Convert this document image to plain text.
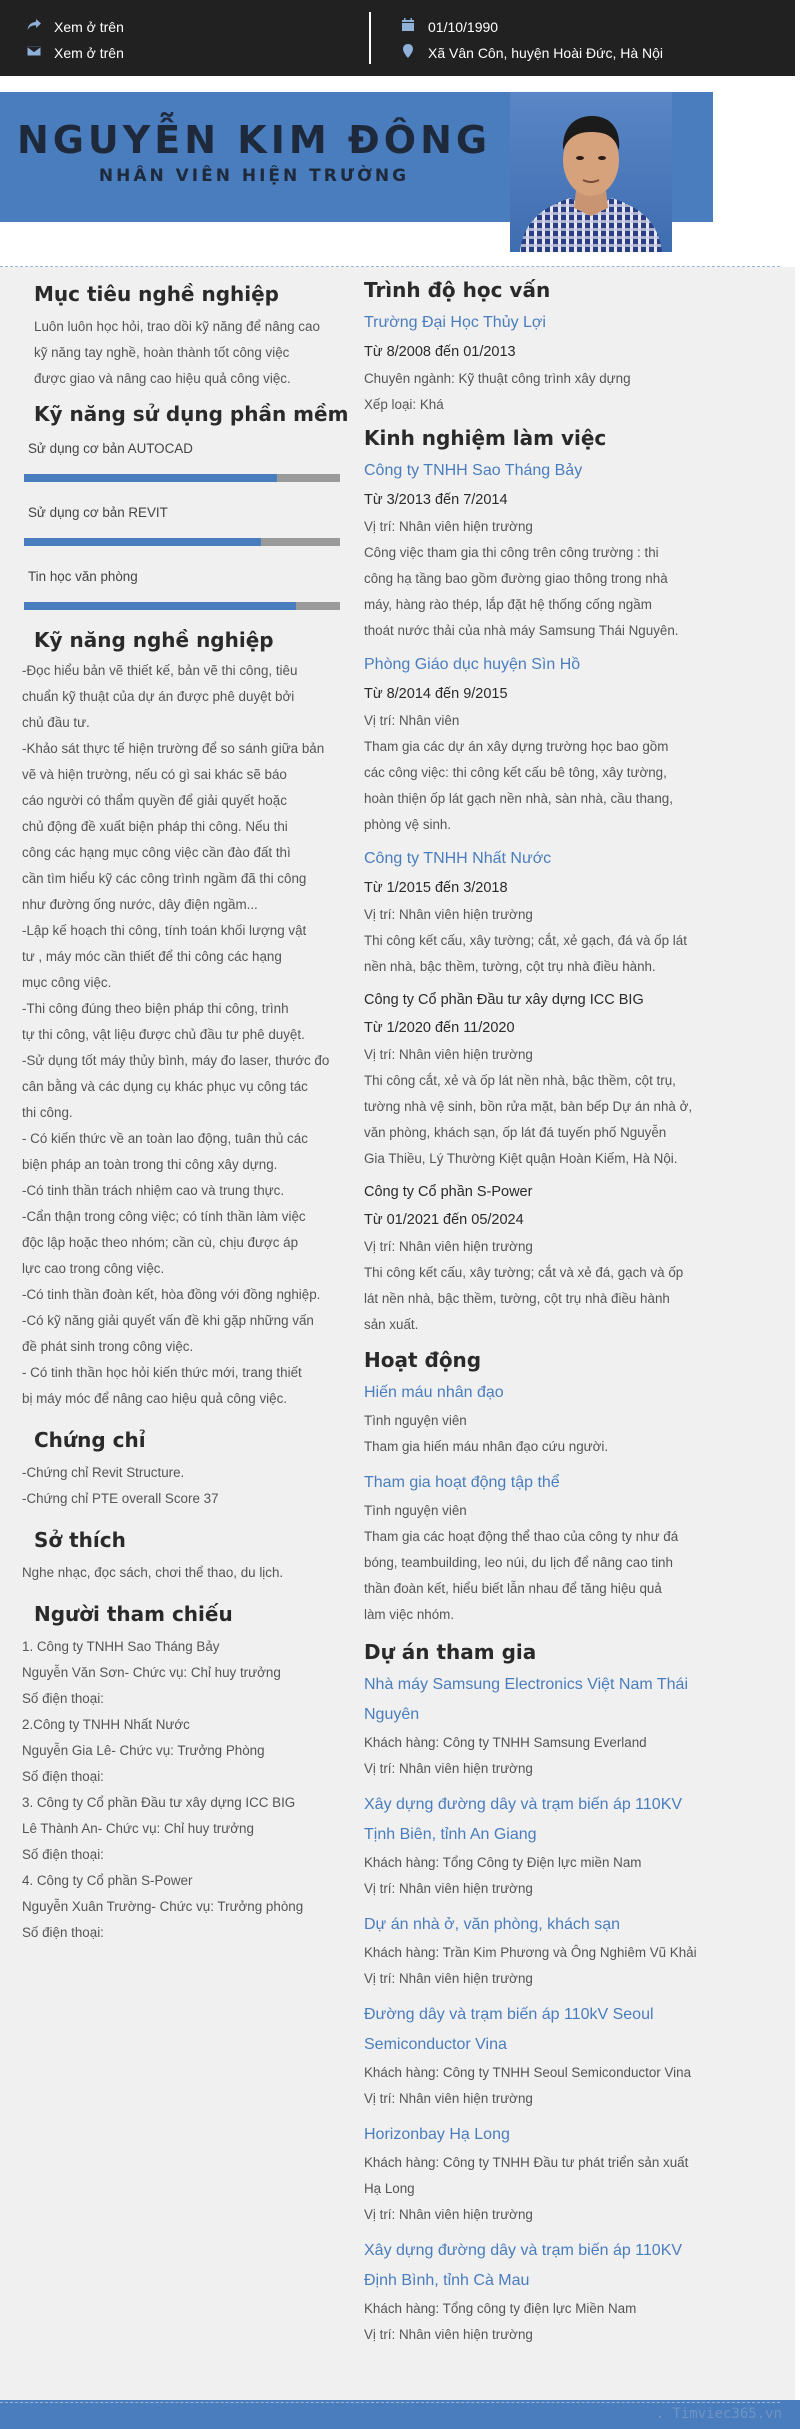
Xem ở trên
Xem ở trên
01/10/1990
Xã Vân Côn, huyện Hoài Đức, Hà Nội
NGUYỄN KIM ĐÔNG
NHÂN VIÊN HIỆN TRƯỜNG
Mục tiêu nghề nghiệp
Luôn luôn học hỏi, trao dồi kỹ năng để nâng cao
kỹ năng tay nghề, hoàn thành tốt công việc
được giao và nâng cao hiệu quả công việc.
Kỹ năng sử dụng phần mềm
Sử dụng cơ bản AUTOCAD
Sử dụng cơ bản REVIT
Tin học văn phòng
Kỹ năng nghề nghiệp
-Đọc hiểu bản vẽ thiết kế, bản vẽ thi công, tiêu
chuẩn kỹ thuật của dự án được phê duyệt bởi
chủ đầu tư.
-Khảo sát thực tế hiện trường để so sánh giữa bản
vẽ và hiện trường, nếu có gì sai khác sẽ báo
cáo người có thẩm quyền để giải quyết hoặc
chủ động đề xuất biện pháp thi công. Nếu thi
công các hạng mục công việc cần đào đất thì
cần tìm hiểu kỹ các công trình ngầm đã thi công
như đường ống nước, dây điện ngầm...
-Lập kế hoạch thi công, tính toán khối lượng vật
tư , máy móc cần thiết để thi công các hạng
mục công việc.
-Thi công đúng theo biện pháp thi công, trình
tự thi công, vật liệu được chủ đầu tư phê duyệt.
-Sử dụng tốt máy thủy bình, máy đo laser, thước đo
cân bằng và các dụng cụ khác phục vụ công tác
thi công.
- Có kiến thức về an toàn lao động, tuân thủ các
biện pháp an toàn trong thi công xây dựng.
-Có tinh thần trách nhiệm cao và trung thực.
-Cẩn thận trong công việc; có tính thần làm việc
độc lập hoặc theo nhóm; cần cù, chịu được áp
lực cao trong công việc.
-Có tinh thần đoàn kết, hòa đồng với đồng nghiệp.
-Có kỹ năng giải quyết vấn đề khi gặp những vấn
đề phát sinh trong công việc.
- Có tinh thần học hỏi kiến thức mới, trang thiết
bị máy móc để nâng cao hiệu quả công việc.
Chứng chỉ
-Chứng chỉ Revit Structure.
-Chứng chỉ PTE overall Score 37
Sở thích
Nghe nhạc, đọc sách, chơi thể thao, du lịch.
Người tham chiếu
1. Công ty TNHH Sao Tháng Bảy
Nguyễn Văn Sơn- Chức vụ: Chỉ huy trưởng
Số điện thoại:
2.Công ty TNHH Nhất Nước
Nguyễn Gia Lê- Chức vụ: Trưởng Phòng
Số điện thoại:
3. Công ty Cổ phần Đầu tư xây dựng ICC BIG
Lê Thành An- Chức vụ: Chỉ huy trưởng
Số điện thoại:
4. Công ty Cổ phần S-Power
Nguyễn Xuân Trường- Chức vụ: Trưởng phòng
Số điện thoại:
Trình độ học vấn
Trường Đại Học Thủy Lợi
Từ 8/2008 đến 01/2013
Chuyên ngành: Kỹ thuật công trình xây dựng
Xếp loại: Khá
Kinh nghiệm làm việc
Công ty TNHH Sao Tháng Bảy
Từ 3/2013 đến 7/2014
Vị trí: Nhân viên hiện trường
Công việc tham gia thi công trên công trường : thi
công hạ tầng bao gồm đường giao thông trong nhà
máy, hàng rào thép, lắp đặt hệ thống cống ngầm
thoát nước thải của nhà máy Samsung Thái Nguyên.
Phòng Giáo dục huyện Sìn Hồ
Từ 8/2014 đến 9/2015
Vị trí: Nhân viên
Tham gia các dự án xây dựng trường học bao gồm
các công việc: thi công kết cấu bê tông, xây tường,
hoàn thiện ốp lát gạch nền nhà, sàn nhà, cầu thang,
phòng vệ sinh.
Công ty TNHH Nhất Nước
Từ 1/2015 đến 3/2018
Vị trí: Nhân viên hiện trường
Thi công kết cấu, xây tường; cắt, xẻ gạch, đá và ốp lát
nền nhà, bậc thềm, tường, cột trụ nhà điều hành.
Công ty Cổ phần Đầu tư xây dựng ICC BIG
Từ 1/2020 đến 11/2020
Vị trí: Nhân viên hiện trường
Thi công cắt, xẻ và ốp lát nền nhà, bậc thềm, cột trụ,
tường nhà vệ sinh, bồn rửa mặt, bàn bếp Dự án nhà ở,
văn phòng, khách sạn, ốp lát đá tuyến phố Nguyễn
Gia Thiều, Lý Thường Kiệt quận Hoàn Kiếm, Hà Nội.
Công ty Cổ phần S-Power
Từ 01/2021 đến 05/2024
Vị trí: Nhân viên hiện trường
Thi công kết cấu, xây tường; cắt và xẻ đá, gạch và ốp
lát nền nhà, bậc thềm, tường, cột trụ nhà điều hành
sản xuất.
Hoạt động
Hiến máu nhân đạo
Tình nguyện viên
Tham gia hiến máu nhân đạo cứu người.
Tham gia hoạt động tập thể
Tình nguyện viên
Tham gia các hoạt động thể thao của công ty như đá
bóng, teambuilding, leo núi, du lịch để nâng cao tinh
thần đoàn kết, hiểu biết lẫn nhau để tăng hiệu quả
làm việc nhóm.
Dự án tham gia
Nhà máy Samsung Electronics Việt Nam Thái
Nguyên
Khách hàng: Công ty TNHH Samsung Everland
Vị trí: Nhân viên hiện trường
Xây dựng đường dây và trạm biến áp 110KV
Tịnh Biên, tỉnh An Giang
Khách hàng: Tổng Công ty Điện lực miền Nam
Vị trí: Nhân viên hiện trường
Dự án nhà ở, văn phòng, khách sạn
Khách hàng: Trần Kim Phương và Ông Nghiêm Vũ Khải
Vị trí: Nhân viên hiện trường
Đường dây và trạm biến áp 110kV Seoul
Semiconductor Vina
Khách hàng: Công ty TNHH Seoul Semiconductor Vina
Vị trí: Nhân viên hiện trường
Horizonbay Hạ Long
Khách hàng: Công ty TNHH Đầu tư phát triển sản xuất
Hạ Long
Vị trí: Nhân viên hiện trường
Xây dựng đường dây và trạm biến áp 110KV
Định Bình, tỉnh Cà Mau
Khách hàng: Tổng công ty điện lực Miền Nam
Vị trí: Nhân viên hiện trường
. Timviec365.vn
